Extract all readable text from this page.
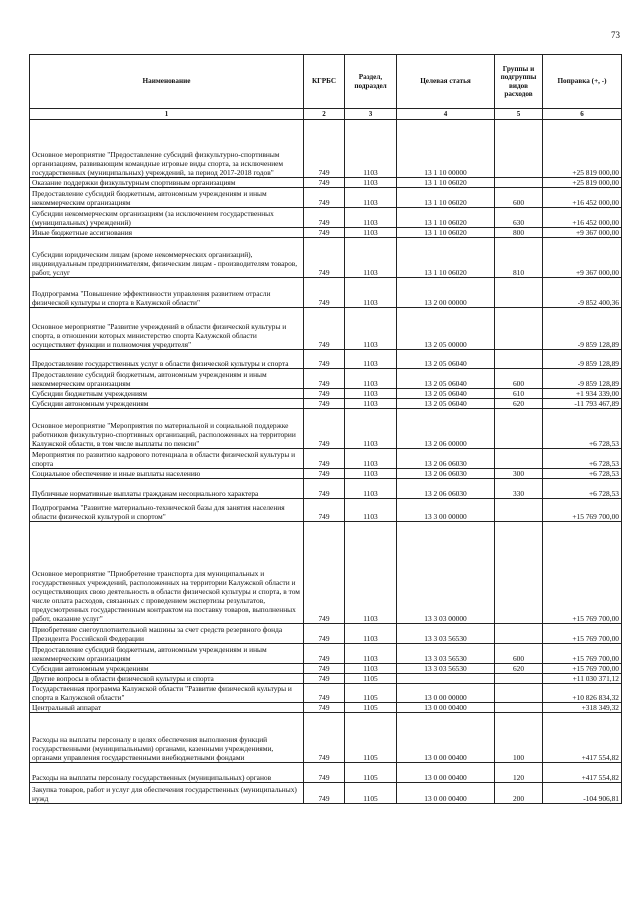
73
Наименование	КГРБС	Раздел, подраздел	Целевая статья	Группы и подгруппы видов расходов	Поправка (+, -)
1	2	3	4	5	6
Основное мероприятие "Предоставление субсидий физкультурно-спортивным организациям, развивающим командные игровые виды спорта, за исключением государственных (муниципальных) учреждений, за период 2017-2018 годов"	749	1103	13 1 10 00000		+25 819 000,00
Оказание поддержки физкультурным спортивным организациям	749	1103	13 1 10 06020		+25 819 000,00
Предоставление субсидий бюджетным, автономным учреждениям и иным некоммерческим организациям	749	1103	13 1 10 06020	600	+16 452 000,00
Субсидии некоммерческим организациям (за исключением государственных (муниципальных) учреждений)	749	1103	13 1 10 06020	630	+16 452 000,00
Иные бюджетные ассигнования	749	1103	13 1 10 06020	800	+9 367 000,00
Субсидии юридическим лицам (кроме некоммерческих организаций), индивидуальным предпринимателям, физическим лицам - производителям товаров, работ, услуг	749	1103	13 1 10 06020	810	+9 367 000,00
Подпрограмма "Повышение эффективности управления развитием отрасли физической культуры и спорта в Калужской области"	749	1103	13 2 00 00000		-9 852 400,36
Основное мероприятие "Развитие учреждений в области физической культуры и спорта, в отношении которых министерство спорта Калужской области осуществляет функции и полномочия учредителя"	749	1103	13 2 05 00000		-9 859 128,89
Предоставление государственных услуг в области физической культуры и спорта	749	1103	13 2 05 06040		-9 859 128,89
Предоставление субсидий бюджетным, автономным учреждениям и иным некоммерческим организациям	749	1103	13 2 05 06040	600	-9 859 128,89
Субсидии бюджетным учреждениям	749	1103	13 2 05 06040	610	+1 934 339,00
Субсидии автономным учреждениям	749	1103	13 2 05 06040	620	-11 793 467,89
Основное мероприятие "Мероприятия по материальной и социальной поддержке работников физкультурно-спортивных организаций, расположенных на территории Калужской области, в том числе выплаты по пенсии"	749	1103	13 2 06 00000		+6 728,53
Мероприятия по развитию кадрового потенциала в области физической культуры и спорта	749	1103	13 2 06 06030		+6 728,53
Социальное обеспечение и иные выплаты населению	749	1103	13 2 06 06030	300	+6 728,53
Публичные нормативные выплаты гражданам несоциального характера	749	1103	13 2 06 06030	330	+6 728,53
Подпрограмма "Развитие материально-технической базы для занятия населения области физической культурой и спортом"	749	1103	13 3 00 00000		+15 769 700,00
Основное мероприятие "Приобретение транспорта для муниципальных и государственных учреждений, расположенных на территории Калужской области и осуществляющих свою деятельность в области физической культуры и спорта, в том числе оплата расходов, связанных с проведением экспертизы результатов, предусмотренных государственным контрактом на поставку товаров, выполненных работ, оказание услуг"	749	1103	13 3 03 00000		+15 769 700,00
Приобретение снегоуплотнительной машины за счет средств резервного фонда Президента Российской Федерации	749	1103	13 3 03 56530		+15 769 700,00
Предоставление субсидий бюджетным, автономным учреждениям и иным некоммерческим организациям	749	1103	13 3 03 56530	600	+15 769 700,00
Субсидии автономным учреждениям	749	1103	13 3 03 56530	620	+15 769 700,00
Другие вопросы в области физической культуры и спорта	749	1105			+11 030 371,12
Государственная программа Калужской области "Развитие физической культуры и спорта в Калужской области"	749	1105	13 0 00 00000		+10 826 834,32
Центральный аппарат	749	1105	13 0 00 00400		+318 349,32
Расходы на выплаты персоналу в целях обеспечения выполнения функций государственными (муниципальными) органами, казенными учреждениями, органами управления государственными внебюджетными фондами	749	1105	13 0 00 00400	100	+417 554,82
Расходы на выплаты персоналу государственных (муниципальных) органов	749	1105	13 0 00 00400	120	+417 554,82
Закупка товаров, работ и услуг для обеспечения государственных (муниципальных) нужд	749	1105	13 0 00 00400	200	-104 906,81
